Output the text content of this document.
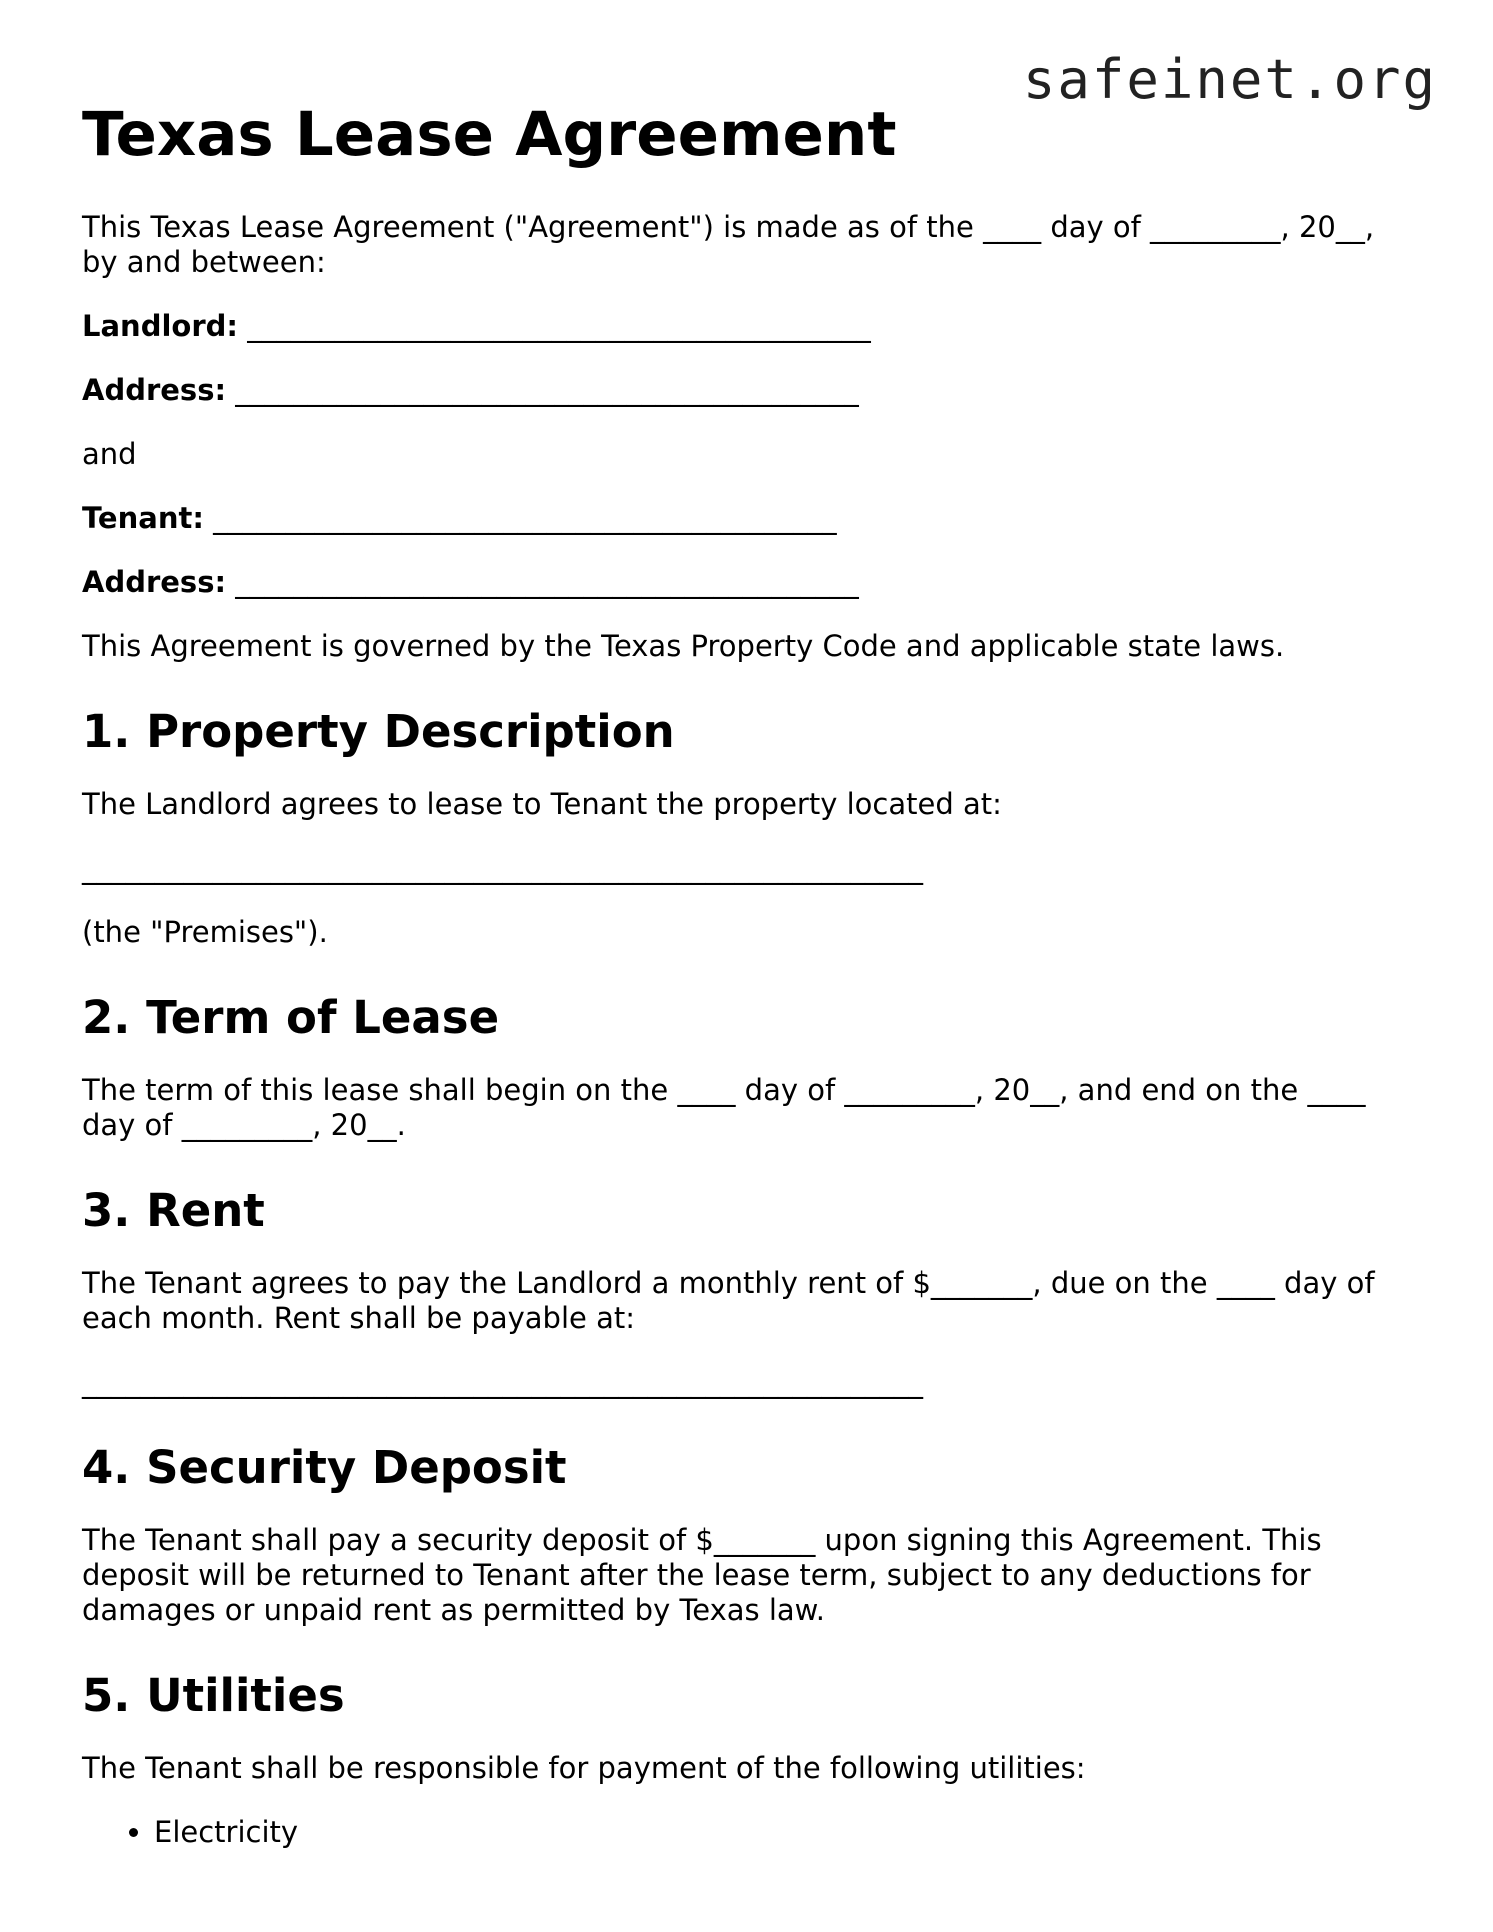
safeinet.org
Texas Lease Agreement

This Texas Lease Agreement ("Agreement") is made as of the ____ day of _________, 20__, by and between:

Landlord: ___________________________________________
Address: ___________________________________________

and

Tenant: ___________________________________________
Address: ___________________________________________

This Agreement is governed by the Texas Property Code and applicable state laws.

1. Property Description

The Landlord agrees to lease to Tenant the property located at:

__________________________________________________________

(the "Premises").

2. Term of Lease

The term of this lease shall begin on the ____ day of _________, 20__, and end on the ____ day of _________, 20__.

3. Rent

The Tenant agrees to pay the Landlord a monthly rent of $_______, due on the ____ day of each month. Rent shall be payable at:

__________________________________________________________
4. Security Deposit

The Tenant shall pay a security deposit of $_______ upon signing this Agreement. This deposit will be returned to Tenant after the lease term, subject to any deductions for damages or unpaid rent as permitted by Texas law.

5. Utilities

The Tenant shall be responsible for payment of the following utilities:

• Electricity
